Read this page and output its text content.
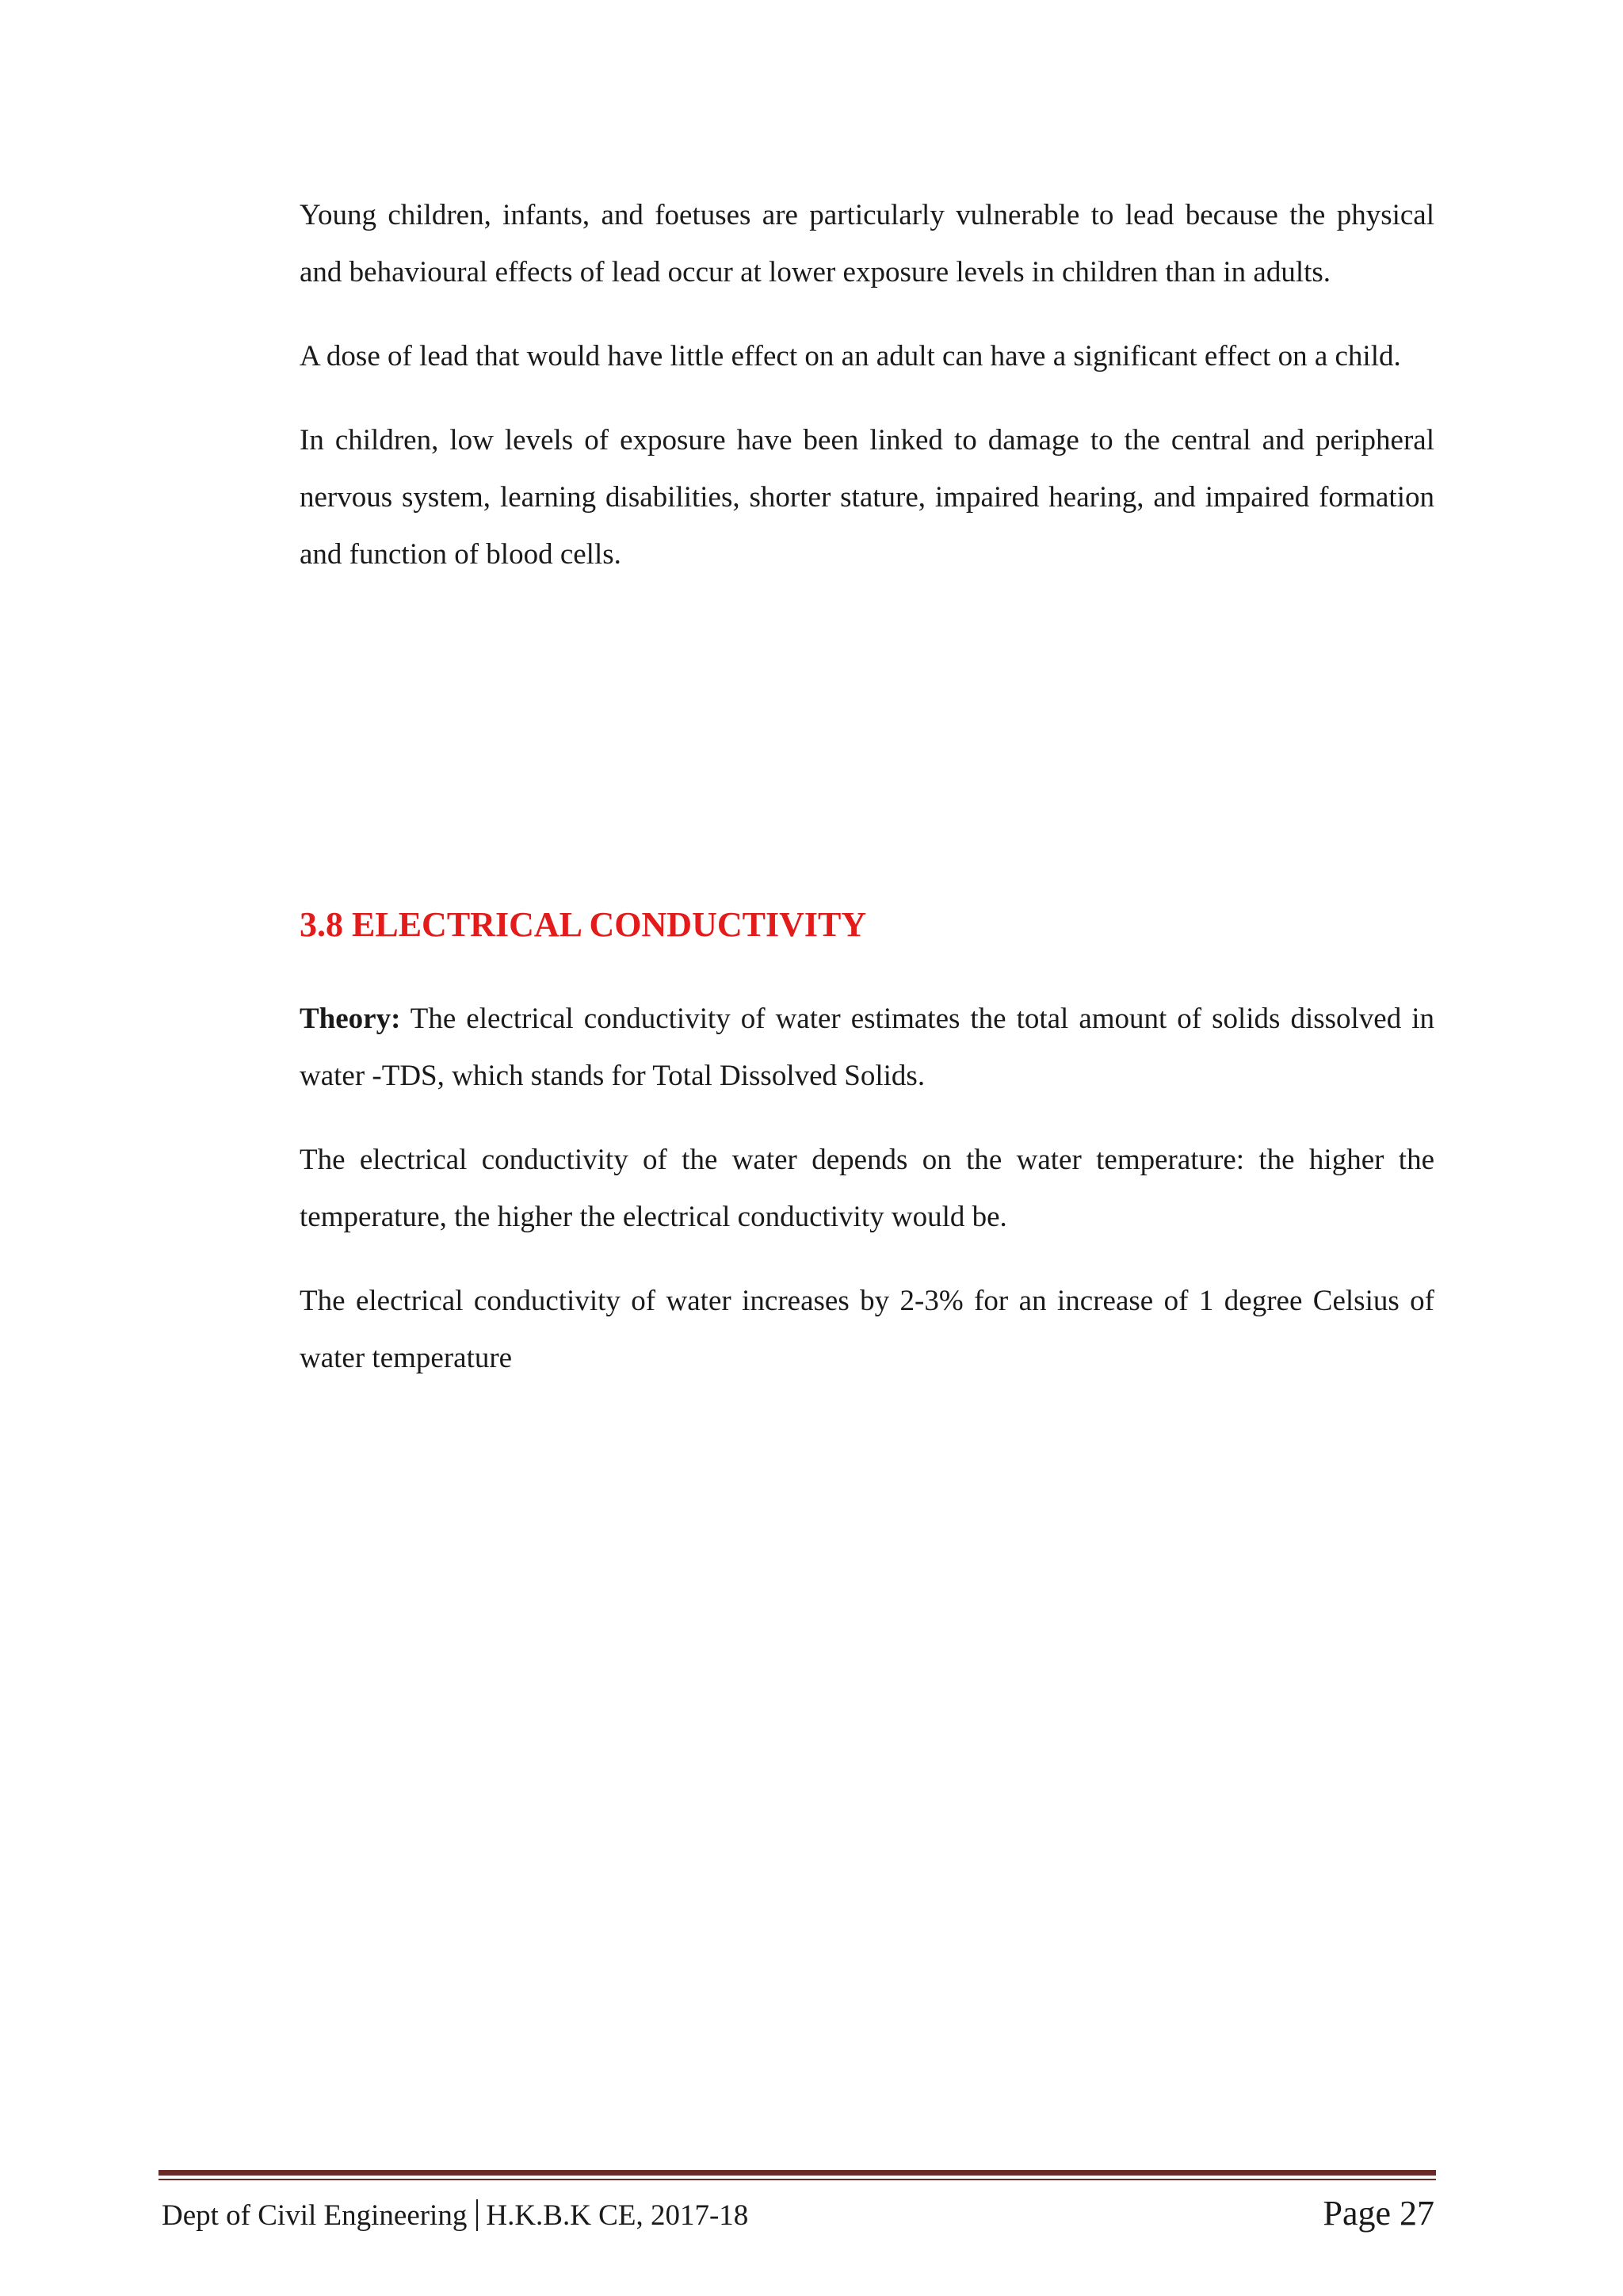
Young children, infants, and foetuses are particularly vulnerable to lead because the physical and behavioural effects of lead occur at lower exposure levels in children than in adults.

A dose of lead that would have little effect on an adult can have a significant effect on a child.

In children, low levels of exposure have been linked to damage to the central and peripheral nervous system, learning disabilities, shorter stature, impaired hearing, and impaired formation and function of blood cells.

3.8 ELECTRICAL CONDUCTIVITY

Theory: The electrical conductivity of water estimates the total amount of solids dissolved in water -TDS, which stands for Total Dissolved Solids.

The electrical conductivity of the water depends on the water temperature: the higher the temperature, the higher the electrical conductivity would be.

The electrical conductivity of water increases by 2-3% for an increase of 1 degree Celsius of water temperature

Dept of Civil Engineering H.K.B.K CE, 2017-18	Page 27
